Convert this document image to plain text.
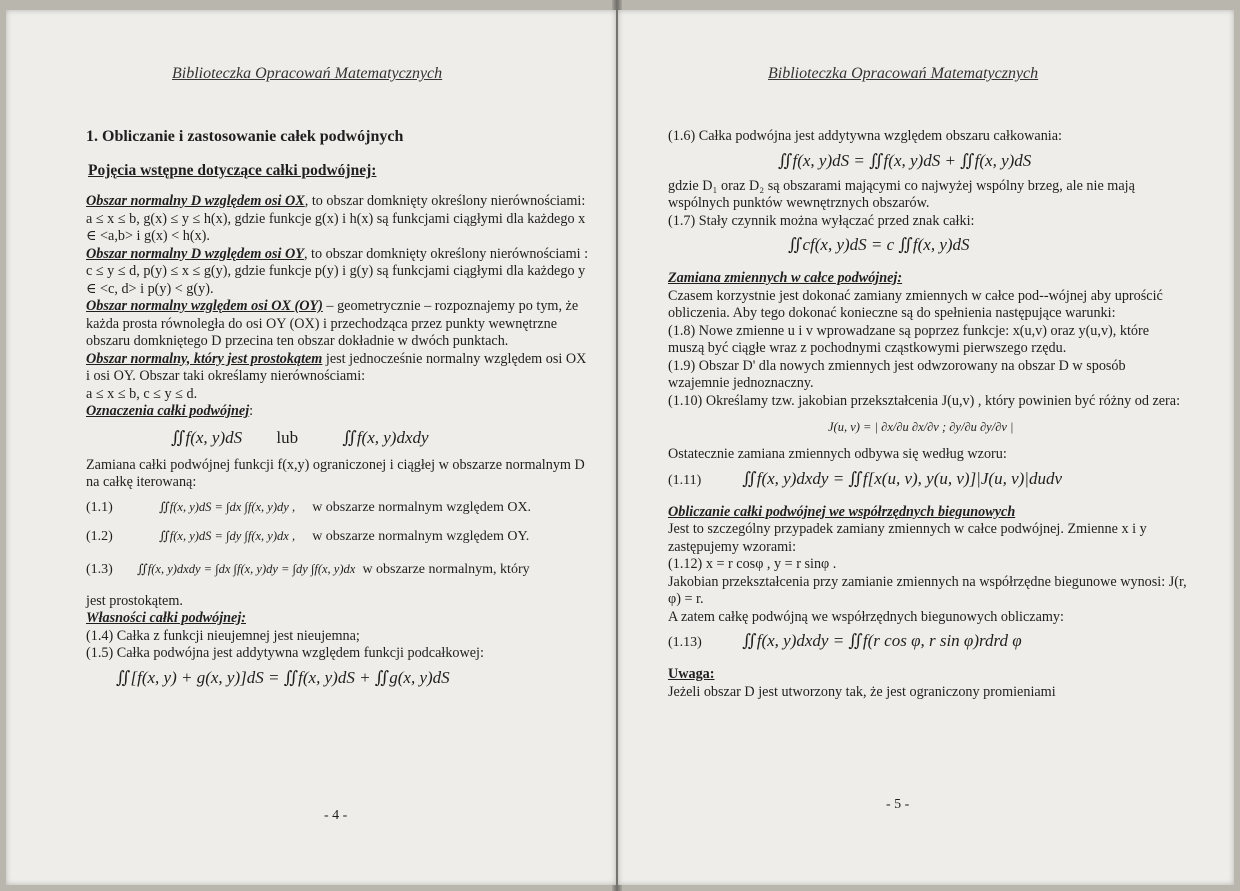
Biblioteczka Opracowań Matematycznych
1. Obliczanie i zastosowanie całek podwójnych
Pojęcia wstępne dotyczące całki podwójnej:

Obszar normalny D względem osi OX, to obszar domknięty określony nierównościami: a ≤ x ≤ b, g(x) ≤ y ≤ h(x), gdzie funkcje g(x) i h(x) są funkcjami ciągłymi dla każdego x ∈ <a,b> i g(x) < h(x).

Obszar normalny D względem osi OY, to obszar domknięty określony nierównościami : c ≤ y ≤ d, p(y) ≤ x ≤ g(y), gdzie funkcje p(y) i g(y) są funkcjami ciągłymi dla każdego y ∈ <c, d> i p(y) < g(y).

Obszar normalny względem osi OX (OY) – geometrycznie – rozpoznajemy po tym, że każda prosta równoległa do osi OY (OX) i przechodząca przez punkty wewnętrzne obszaru domkniętego D przecina ten obszar dokładnie w dwóch punktach.

Obszar normalny, który jest prostokątem jest jednocześnie normalny względem osi OX i osi OY. Obszar taki określamy nierównościami:

a ≤ x ≤ b, c ≤ y ≤ d.

Oznaczenia całki podwójnej:

∬f(x, y)dS lub	∬f(x, y)dxdy

Zamiana całki podwójnej funkcji f(x,y) ograniczonej i ciągłej w obszarze normalnym D na całkę iterowaną:

(1.1)	∬f(x, y)dS = ∫dx ∫f(x, y)dy , w obszarze normalnym względem OX.
(1.2)	∬f(x, y)dS = ∫dy ∫f(x, y)dx , w obszarze normalnym względem OY.
(1.3) ∬f(x, y)dxdy = ∫dx ∫f(x, y)dy = ∫dy ∫f(x, y)dx w obszarze normalnym, który

jest prostokątem.

Własności całki podwójnej:

(1.4) Całka z funkcji nieujemnej jest nieujemna;

(1.5) Całka podwójna jest addytywna względem funkcji podcałkowej:

∬[f(x, y) + g(x, y)]dS = ∬f(x, y)dS + ∬g(x, y)dS
- 4 -
Biblioteczka Opracowań Matematycznych

(1.6) Całka podwójna jest addytywna względem obszaru całkowania:

∬f(x, y)dS = ∬f(x, y)dS + ∬f(x, y)dS

gdzie D₁ oraz D₂ są obszarami mającymi co najwyżej wspólny brzeg, ale nie mają wspólnych punktów wewnętrznych obszarów.

(1.7) Stały czynnik można wyłączać przed znak całki:

∬cf(x, y)dS = c ∬f(x, y)dS

Zamiana zmiennych w całce podwójnej:

Czasem korzystnie jest dokonać zamiany zmiennych w całce pod--wójnej aby uprościć obliczenia. Aby tego dokonać konieczne są do spełnienia następujące warunki:

(1.8) Nowe zmienne u i v wprowadzane są poprzez funkcje: x(u,v) oraz y(u,v), które muszą być ciągłe wraz z pochodnymi cząstkowymi pierwszego rzędu.

(1.9) Obszar D' dla nowych zmiennych jest odwzorowany na obszar D w sposób wzajemnie jednoznaczny.

(1.10) Określamy tzw. jakobian przekształcenia J(u,v) , który powinien być różny od zera:

J(u, v) = | ∂x/∂u ∂x/∂v ; ∂y/∂u ∂y/∂v |

Ostatecznie zamiana zmiennych odbywa się według wzoru:

(1.11) ∬f(x, y)dxdy = ∬f[x(u, v), y(u, v)]|J(u, v)|dudv

Obliczanie całki podwójnej we współrzędnych biegunowych

Jest to szczególny przypadek zamiany zmiennych w całce podwójnej. Zmienne x i y zastępujemy wzorami:

(1.12) x = r cosφ , y = r sinφ .

Jakobian przekształcenia przy zamianie zmiennych na współrzędne biegunowe wynosi: J(r, φ) = r.

A zatem całkę podwójną we współrzędnych biegunowych obliczamy:

(1.13) ∬f(x, y)dxdy = ∬f(r cos φ, r sin φ)rdrd φ

Uwaga:

Jeżeli obszar D jest utworzony tak, że jest ograniczony promieniami

- 5 -
